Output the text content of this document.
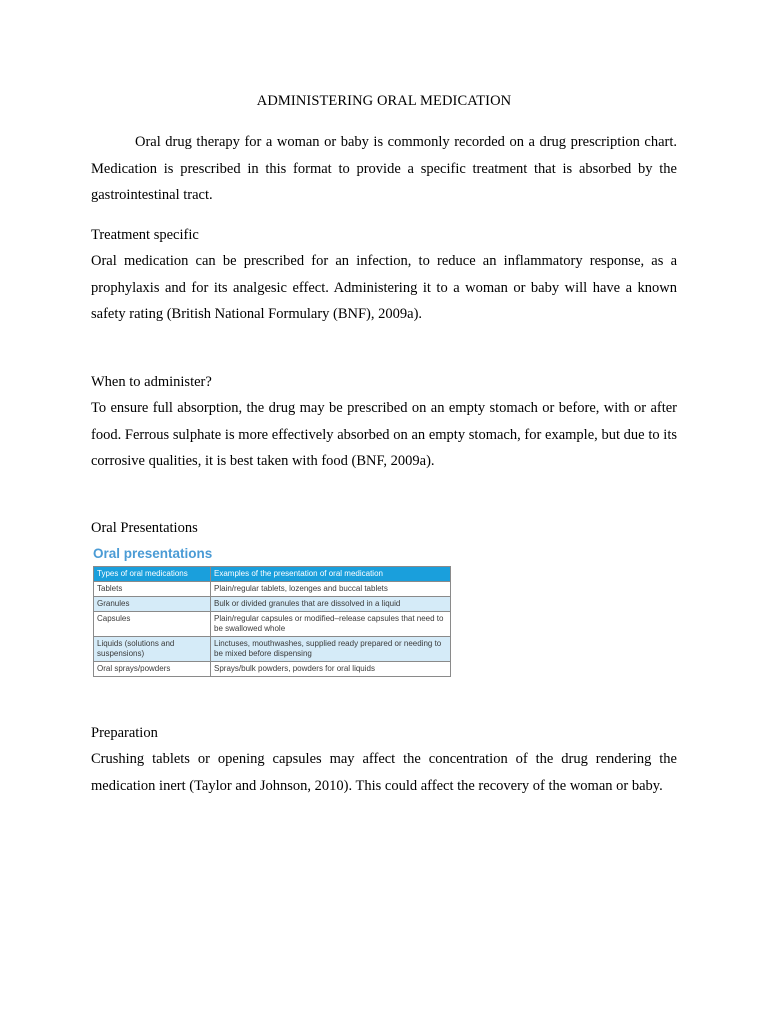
ADMINISTERING ORAL MEDICATION

Oral drug therapy for a woman or baby is commonly recorded on a drug prescription chart. Medication is prescribed in this format to provide a specific treatment that is absorbed by the gastrointestinal tract.

Treatment specific

Oral medication can be prescribed for an infection, to reduce an inflammatory response, as a prophylaxis and for its analgesic effect. Administering it to a woman or baby will have a known safety rating (British National Formulary (BNF), 2009a).

When to administer?

To ensure full absorption, the drug may be prescribed on an empty stomach or before, with or after food. Ferrous sulphate is more effectively absorbed on an empty stomach, for example, but due to its corrosive qualities, it is best taken with food (BNF, 2009a).

Oral Presentations

Oral presentations

Types of oral medications	Examples of the presentation of oral medication
Tablets	Plain/regular tablets, lozenges and buccal tablets
Granules	Bulk or divided granules that are dissolved in a liquid
Capsules	Plain/regular capsules or modified–release capsules that need to be swallowed whole
Liquids (solutions and suspensions)	Linctuses, mouthwashes, supplied ready prepared or needing to be mixed before dispensing
Oral sprays/powders	Sprays/bulk powders, powders for oral liquids

Preparation

Crushing tablets or opening capsules may affect the concentration of the drug rendering the medication inert (Taylor and Johnson, 2010). This could affect the recovery of the woman or baby.
